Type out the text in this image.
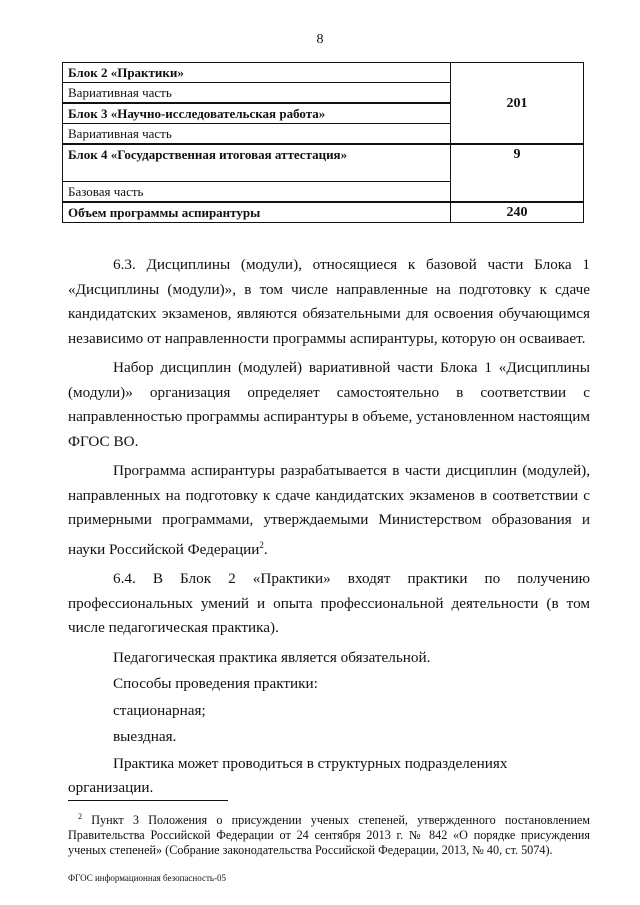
8
Блок 2 «Практики»	201
Вариативная часть	
Блок 3 «Научно-исследовательская работа»	
Вариативная часть	
Блок 4 «Государственная итоговая аттестация»	9
Базовая часть	
Объем программы аспирантуры	240

6.3. Дисциплины (модули), относящиеся к базовой части Блока 1 «Дисциплины (модули)», в том числе направленные на подготовку к сдаче кандидатских экзаменов, являются обязательными для освоения обучающимся независимо от направленности программы аспирантуры, которую он осваивает.

Набор дисциплин (модулей) вариативной части Блока 1 «Дисциплины (модули)» организация определяет самостоятельно в соответствии с направленностью программы аспирантуры в объеме, установленном настоящим ФГОС ВО.

Программа аспирантуры разрабатывается в части дисциплин (модулей), направленных на подготовку к сдаче кандидатских экзаменов в соответствии с примерными программами, утверждаемыми Министерством образования и науки Российской Федерации$^2$.

6.4. В Блок 2 «Практики» входят практики по получению профессиональных умений и опыта профессиональной деятельности (в том числе педагогическая практика).

Педагогическая практика является обязательной.

Способы проведения практики:

стационарная;

выездная.

Практика может проводиться в структурных подразделениях организации.

$^2$ Пункт 3 Положения о присуждении ученых степеней, утвержденного постановлением Правительства Российской Федерации от 24 сентября 2013 г. № 842 «О порядке присуждения ученых степеней» (Собрание законодательства Российской Федерации, 2013, № 40, ст. 5074).
ФГОС информационная безопасность-05
